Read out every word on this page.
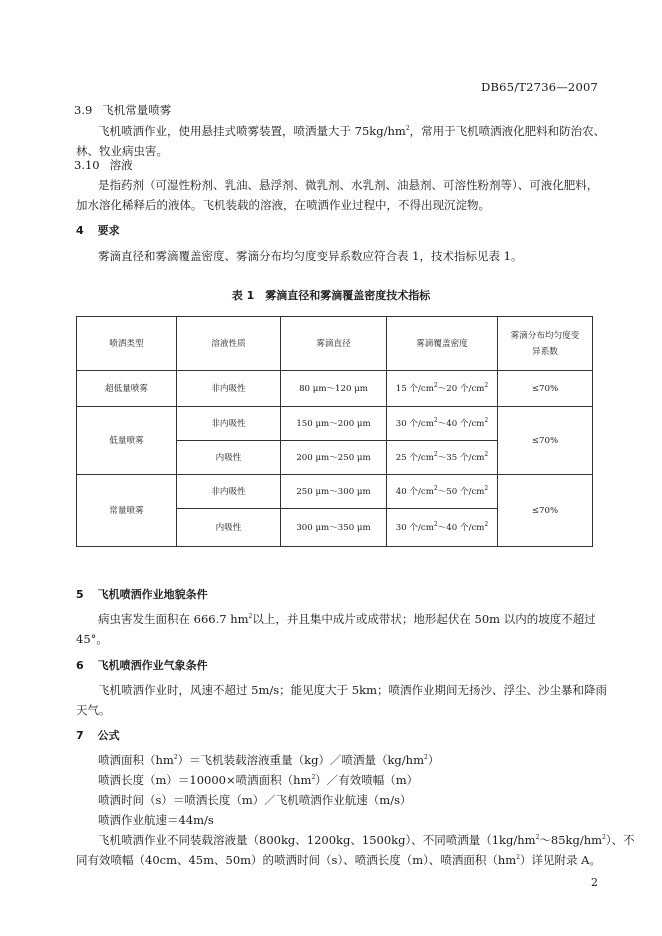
DB65/T2736—2007
3.9 飞机常量喷雾
飞机喷洒作业，使用悬挂式喷雾装置，喷洒量大于 $75kg/hm^2$，常用于飞机喷洒液化肥料和防治农、
林、牧业病虫害。
3.10 溶液
是指药剂（可湿性粉剂、乳油、悬浮剂、微乳剂、水乳剂、油悬剂、可溶性粉剂等）、可液化肥料，
加水溶化稀释后的液体。飞机装载的溶液，在喷洒作业过程中，不得出现沉淀物。
4 要求
雾滴直径和雾滴覆盖密度、雾滴分布均匀度变异系数应符合表 1，技术指标见表 1。
表 1　雾滴直径和雾滴覆盖密度技术指标
喷洒类型	溶液性质	雾滴直径	雾滴覆盖密度	雾滴分布均匀度变
异系数
超低量喷雾	非内吸性	80 μm～120 μm	15 个$/cm^2\sim 20$ 个$/cm^2$	≤70%
低量喷雾	非内吸性	150 μm～200 μm	30 个$/cm^2\sim 40$ 个$/cm^2$	≤70%
	内吸性	200 μm～250 μm	25 个$/cm^2\sim 35$ 个$/cm^2$
常量喷雾	非内吸性	250 μm～300 μm	40 个$/cm^2\sim 50$ 个$/cm^2$	≤70%
	内吸性	300 μm～350 μm	30 个$/cm^2\sim 40$ 个$/cm^2$
5 飞机喷洒作业地貌条件
病虫害发生面积在 666.7 $hm^2$以上，并且集中成片或成带状；地形起伏在 50m 以内的坡度不超过
45°。
6 飞机喷洒作业气象条件
飞机喷洒作业时，风速不超过 5m/s；能见度大于 5km；喷洒作业期间无扬沙、浮尘、沙尘暴和降雨
天气。
7 公式
喷洒面积$(hm^2)=$飞机装载溶液重量（kg）／喷洒量$(kg/hm^2)$
喷洒长度（m）＝10000×喷洒面积$(hm^2)/$有效喷幅（m）
喷洒时间（s）＝喷洒长度（m）／飞机喷洒作业航速（m/s）
喷洒作业航速＝44m/s
飞机喷洒作业不同装载溶液量（800kg、1200kg、1500kg）、不同喷洒量$(1kg/hm^2\sim 85kg/hm^2)$、不
同有效喷幅（40cm、45m、50m）的喷洒时间（s）、喷洒长度（m）、喷洒面积$(hm^2)$详见附录 A。
2
